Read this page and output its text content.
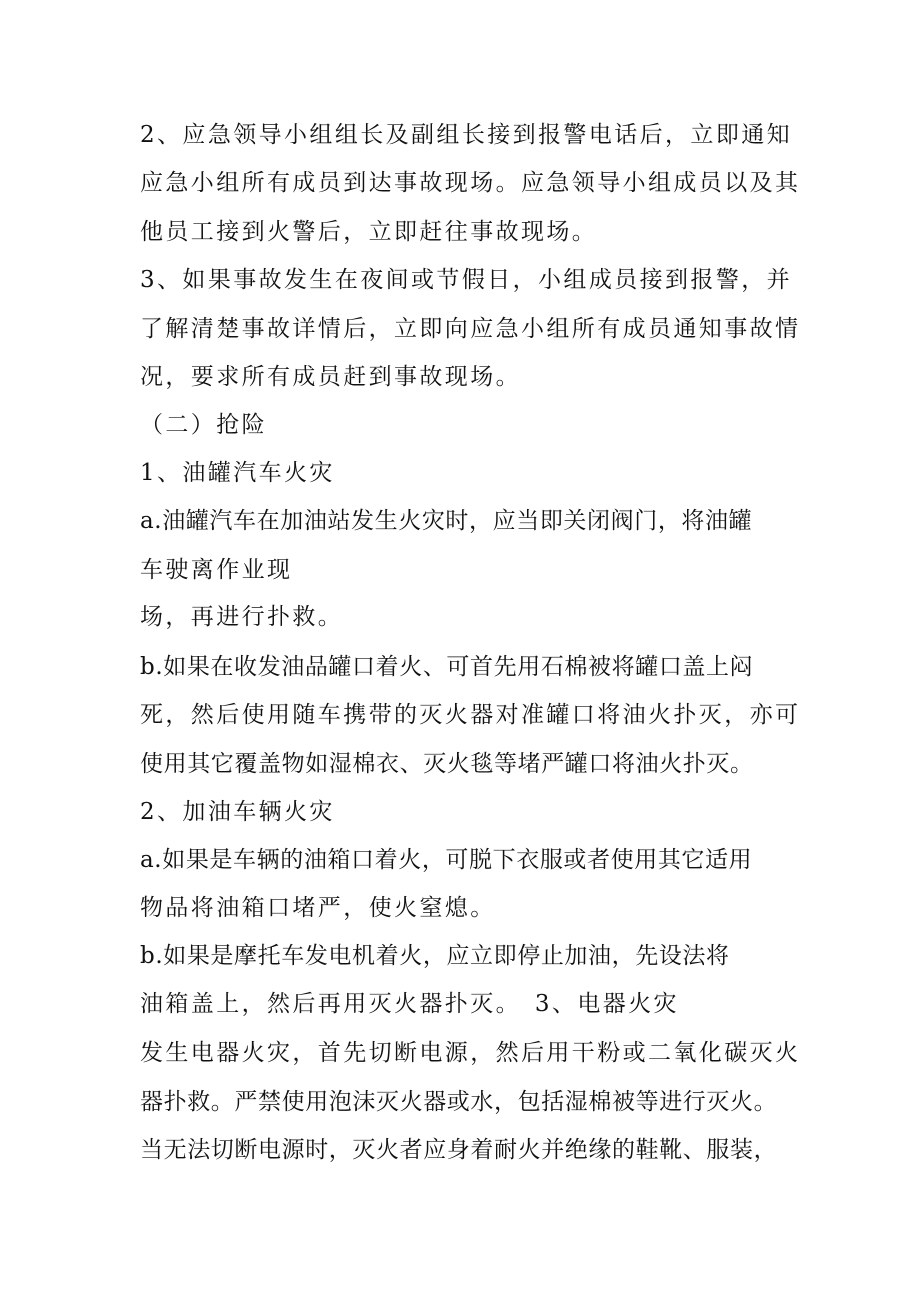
2、应急领导小组组长及副组长接到报警电话后，立即通知
应急小组所有成员到达事故现场。应急领导小组成员以及其
他员工接到火警后，立即赶往事故现场。
3、如果事故发生在夜间或节假日，小组成员接到报警，并
了解清楚事故详情后，立即向应急小组所有成员通知事故情
况，要求所有成员赶到事故现场。
（二）抢险
1、油罐汽车火灾
a.油罐汽车在加油站发生火灾时，应当即关闭阀门，将油罐
车驶离作业现
场，再进行扑救。
b.如果在收发油品罐口着火、可首先用石棉被将罐口盖上闷
死，然后使用随车携带的灭火器对准罐口将油火扑灭，亦可
使用其它覆盖物如湿棉衣、灭火毯等堵严罐口将油火扑灭。
2、加油车辆火灾
a.如果是车辆的油箱口着火，可脱下衣服或者使用其它适用
物品将油箱口堵严，使火窒熄。
b.如果是摩托车发电机着火，应立即停止加油，先设法将
油箱盖上，然后再用灭火器扑灭。　3、电器火灾
发生电器火灾，首先切断电源，然后用干粉或二氧化碳灭火
器扑救。严禁使用泡沫灭火器或水，包括湿棉被等进行灭火。
当无法切断电源时，灭火者应身着耐火并绝缘的鞋靴、服装，
